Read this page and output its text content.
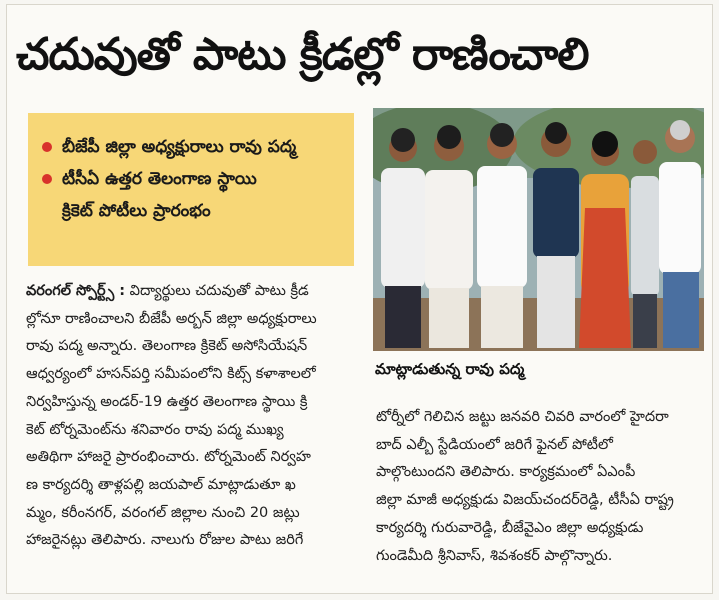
చదువుతో పాటు క్రీడల్లో రాణించాలి
బీజేపీ జిల్లా అధ్యక్షురాలు రావు పద్మ
టీసీఏ ఉత్తర తెలంగాణ స్థాయి
క్రికెట్ పోటీలు ప్రారంభం
మాట్లాడుతున్న రావు పద్మ
వరంగల్ స్పోర్ట్స్ : విద్యార్థులు చదువుతో పాటు క్రీడ
ల్లోనూ రాణించాలని బీజేపీ అర్బన్ జిల్లా అధ్యక్షురాలు
రావు పద్మ అన్నారు. తెలంగాణ క్రికెట్ అసోసియేషన్
ఆధ్వర్యంలో హసన్‌పర్తి సమీపంలోని కిట్స్ కళాశాలలో
నిర్వహిస్తున్న అండర్-19 ఉత్తర తెలంగాణ స్థాయి క్రి
కెట్ టోర్నమెంట్‌ను శనివారం రావు పద్మ ముఖ్య
అతిథిగా హాజరై ప్రారంభించారు. టోర్నమెంట్ నిర్వహ
ణ కార్యదర్శి తాళ్లపల్లి జయపాల్ మాట్లాడుతూ ఖ
మ్మం, కరీంనగర్, వరంగల్ జిల్లాల నుంచి 20 జట్లు
హాజరైనట్లు తెలిపారు. నాలుగు రోజుల పాటు జరిగే
టోర్నీలో గెలిచిన జట్టు జనవరి చివరి వారంలో హైదరా
బాద్ ఎల్బీ స్టేడియంలో జరిగే ఫైనల్ పోటీలో
పాల్గొంటుందని తెలిపారు. కార్యక్రమంలో ఏఎంపీ
జిల్లా మాజీ అధ్యక్షుడు విజయ్‌చందర్‌రెడ్డి, టీసీఏ రాష్ట్ర
కార్యదర్శి గురువారెడ్డి, బీజేవైఎం జిల్లా అధ్యక్షుడు
గుండెమీది శ్రీనివాస్, శివశంకర్ పాల్గొన్నారు.
